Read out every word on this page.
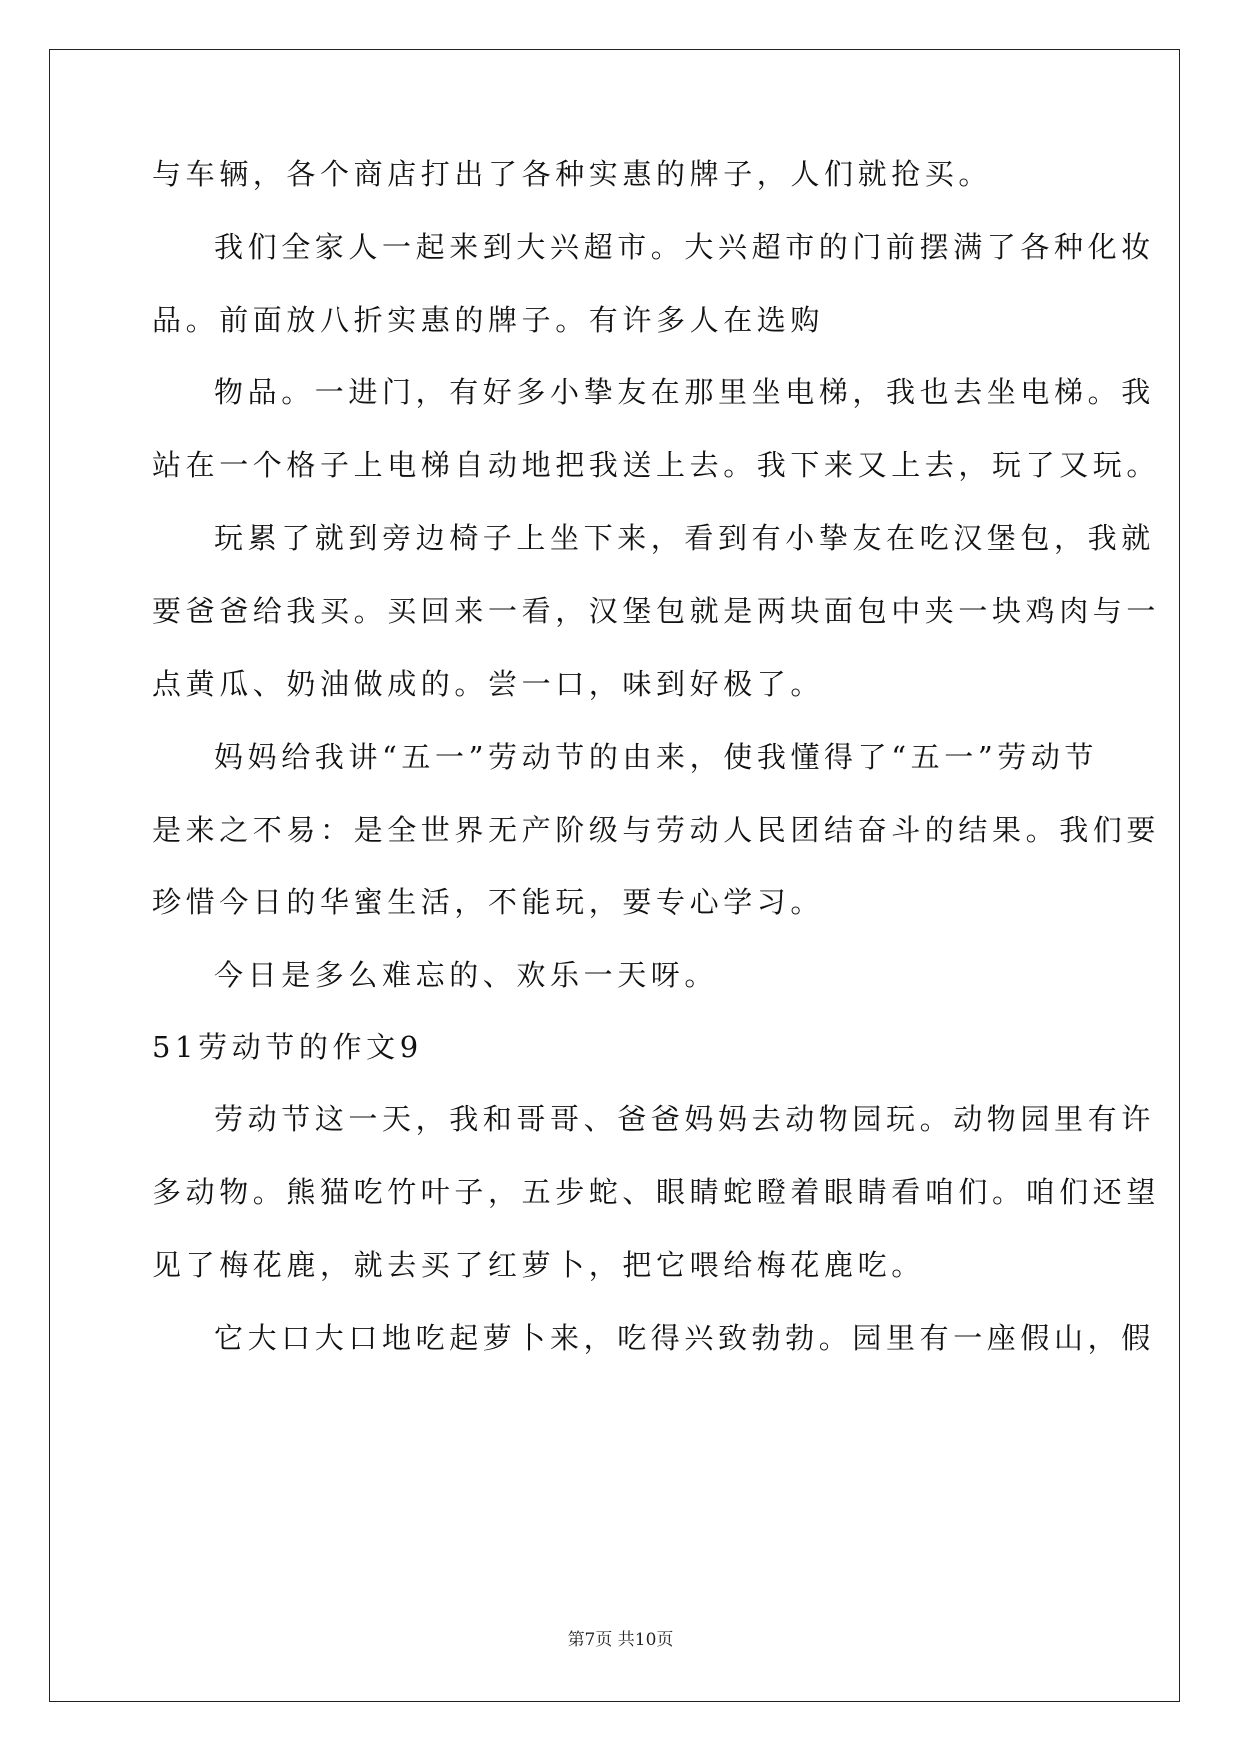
与车辆，各个商店打出了各种实惠的牌子，人们就抢买。
我们全家人一起来到大兴超市。大兴超市的门前摆满了各种化妆
品。前面放八折实惠的牌子。有许多人在选购
物品。一进门，有好多小挚友在那里坐电梯，我也去坐电梯。我
站在一个格子上电梯自动地把我送上去。我下来又上去，玩了又玩。
玩累了就到旁边椅子上坐下来，看到有小挚友在吃汉堡包，我就
要爸爸给我买。买回来一看，汉堡包就是两块面包中夹一块鸡肉与一
点黄瓜、奶油做成的。尝一口，味到好极了。
妈妈给我讲“五一”劳动节的由来，使我懂得了“五一”劳动节
是来之不易：是全世界无产阶级与劳动人民团结奋斗的结果。我们要
珍惜今日的华蜜生活，不能玩，要专心学习。
今日是多么难忘的、欢乐一天呀。
51劳动节的作文9
劳动节这一天，我和哥哥、爸爸妈妈去动物园玩。动物园里有许
多动物。熊猫吃竹叶子，五步蛇、眼睛蛇瞪着眼睛看咱们。咱们还望
见了梅花鹿，就去买了红萝卜，把它喂给梅花鹿吃。
它大口大口地吃起萝卜来，吃得兴致勃勃。园里有一座假山，假
第7页 共10页
